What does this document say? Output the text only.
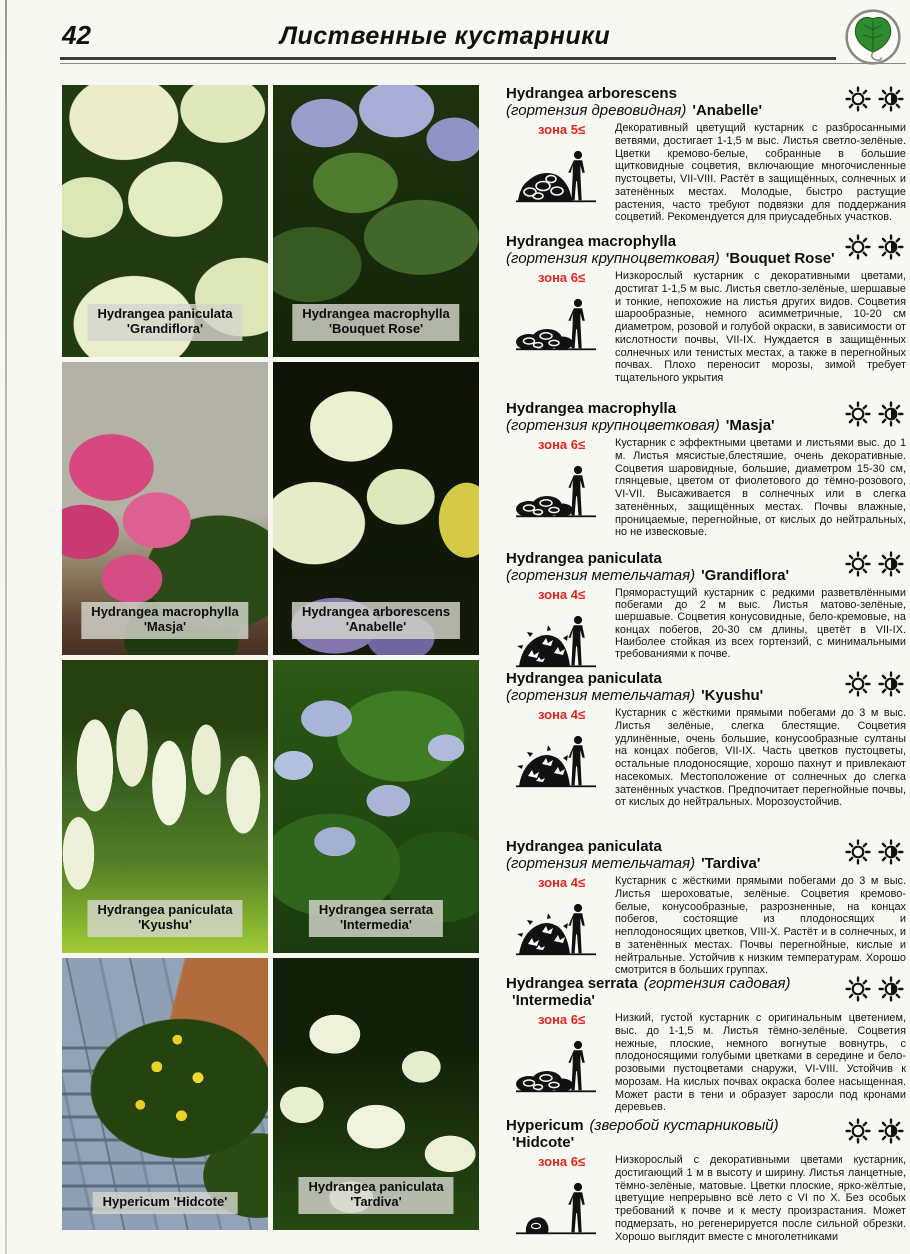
42	Лиственные кустарники
Hydrangea paniculata
'Grandiflora'
Hydrangea macrophylla
'Bouquet Rose'
Hydrangea macrophylla
'Masja'
Hydrangea arborescens
'Anabelle'
Hydrangea paniculata
'Kyushu'
Hydrangea serrata
'Intermedia'
Hypericum 'Hidcote'
Hydrangea paniculata
'Tardiva'
Hydrangea arborescens
(гортензия древовидная) 'Anabelle'
зона 5≤	Декоративный цветущий кустарник с разбросанными ветвями, достигает 1-1,5 м выс. Листья светло-зелёные. Цветки кремово-белые, собранные в большие щитковидные соцветия, включающие многочисленные пустоцветы, VII-VIII. Растёт в защищённых, солнечных и затенённых местах. Молодые, быстро растущие растения, часто требуют подвязки для поддержания соцветий. Рекомендуется для приусадебных участков.

Hydrangea macrophylla
(гортензия крупноцветковая) 'Bouquet Rose'
зона 6≤	Низкорослый кустарник с декоративными цветами, достигат 1-1,5 м выс. Листья светло-зелёные, шершавые и тонкие, непохожие на листья других видов. Соцветия шарообразные, немного асимметричные, 10-20 см диаметром, розовой и голубой окраски, в зависимости от кислотности почвы, VII-IX. Нуждается в защищённых солнечных или тенистых местах, а также в перегнойных почвах. Плохо переносит морозы, зимой требует тщательного укрытия

Hydrangea macrophylla
(гортензия крупноцветковая) 'Masja'
зона 6≤	Кустарник с эффектными цветами и листьями выс. до 1 м. Листья мясистые,блестяшие, очень декоративные. Соцветия шаровидные, большие, диаметром 15-30 см, глянцевые, цветом от фиолетового до тёмно-розового, VI-VII. Высаживается в солнечных или в слегка затенённых, защищённых местах. Почвы влажные, проницаемые, перегнойные, от кислых до нейтральных, но не извесковые.

Hydrangea paniculata
(гортензия метельчатая) 'Grandiflora'
зона 4≤	Пряморастущий кустарник с редкими разветвлёнными побегами до 2 м выс. Листья матово-зелёные, шершавые. Соцветия конусовидные, бело-кремовые, на концах побегов, 20-30 см длины, цветёт в VII-IX. Наиболее стойкая из всех гортензий, с минимальными требованиями к почве.

Hydrangea paniculata
(гортензия метельчатая) 'Kyushu'
зона 4≤	Кустарник с жёсткими прямыми побегами до 3 м выс. Листья зелёные, слегка блестящие. Соцветия удлинённые, очень большие, конусообразные султаны на концах побегов, VII-IX. Часть цветков пустоцветы, остальные плодоносящие, хорошо пахнут и привлекают насекомых. Местоположение от солнечных до слегка затенённых участков. Предпочитает перегнойные почвы, от кислых до нейтральных. Морозоустойчив.

Hydrangea paniculata
(гортензия метельчатая) 'Tardiva'
зона 4≤	Кустарник с жёсткими прямыми побегами до 3 м выс. Листья шероховатые, зелёные. Соцветия кремово-белые, конусообразные, разрозненные, на концах побегов, состоящие из плодоносящих и неплодоносящих цветков, VIII-X. Растёт и в солнечных, и в затенённых местах. Почвы перегнойные, кислые и нейтральные. Устойчив к низким температурам. Хорошо смотрится в больших группах.

Hydrangea serrata (гортензия садовая)
'Intermedia'
зона 6≤	Низкий, густой кустарник с оригинальным цветением, выс. до 1-1,5 м. Листья тёмно-зелёные. Соцветия нежные, плоские, немного вогнутые вовнутрь, с плодоносящими голубыми цветками в середине и бело-розовыми пустоцветами снаружи, VI-VIII. Устойчив к морозам. На кислых почвах окраска более насыщенная. Может расти в тени и образует заросли под кронами деревьев.

Hypericum (зверобой кустарниковый)
'Hidcote'
зона 6≤	Низкорослый с декоративными цветами кустарник, достигающий 1 м в высоту и ширину. Листья ланцетные, тёмно-зелёные, матовые. Цветки плоские, ярко-жёлтые, цветущие непрерывно всё лето с VI по X. Без особых требований к почве и к месту произрастания. Может подмерзать, но регенерируется после сильной обрезки. Хорошо выглядит вместе с многолетниками
